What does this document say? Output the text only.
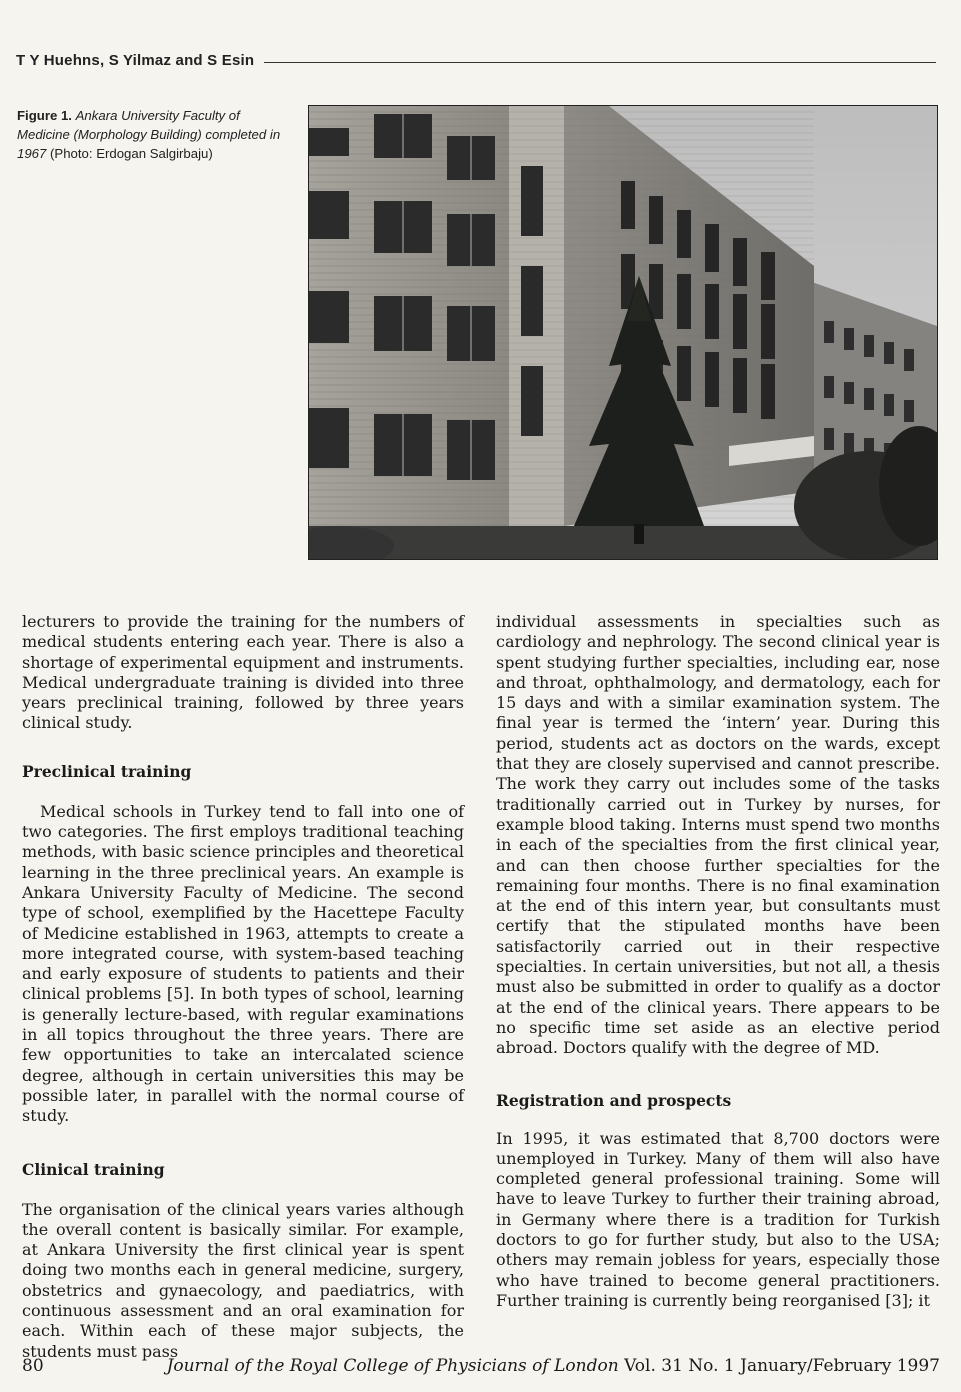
T Y Huehns, S Yilmaz and S Esin
Figure 1. Ankara University Faculty of Medicine (Morphology Building) completed in 1967 (Photo: Erdogan Salgirbaju)

lecturers to provide the training for the numbers of medical students entering each year. There is also a shortage of experimental equipment and instruments. Medical undergraduate training is divided into three years preclinical training, followed by three years clinical study.

Preclinical training

Medical schools in Turkey tend to fall into one of two categories. The first employs traditional teaching methods, with basic science principles and theoretical learning in the three preclinical years. An example is Ankara University Faculty of Medicine. The second type of school, exemplified by the Hacettepe Faculty of Medicine established in 1963, attempts to create a more integrated course, with system-based teaching and early exposure of students to patients and their clinical problems [5]. In both types of school, learning is generally lecture-based, with regular examinations in all topics throughout the three years. There are few opportunities to take an intercalated science degree, although in certain universities this may be possible later, in parallel with the normal course of study.

Clinical training

The organisation of the clinical years varies although the overall content is basically similar. For example, at Ankara University the first clinical year is spent doing two months each in general medicine, surgery, obstetrics and gynaecology, and paediatrics, with continuous assessment and an oral examination for each. Within each of these major subjects, the students must pass

individual assessments in specialties such as cardiology and nephrology. The second clinical year is spent studying further specialties, including ear, nose and throat, ophthalmology, and dermatology, each for 15 days and with a similar examination system. The final year is termed the ‘intern’ year. During this period, students act as doctors on the wards, except that they are closely supervised and cannot prescribe. The work they carry out includes some of the tasks traditionally carried out in Turkey by nurses, for example blood taking. Interns must spend two months in each of the specialties from the first clinical year, and can then choose further specialties for the remaining four months. There is no final examination at the end of this intern year, but consultants must certify that the stipulated months have been satisfactorily carried out in their respective specialties. In certain universities, but not all, a thesis must also be submitted in order to qualify as a doctor at the end of the clinical years. There appears to be no specific time set aside as an elective period abroad. Doctors qualify with the degree of MD.

Registration and prospects

In 1995, it was estimated that 8,700 doctors were unemployed in Turkey. Many of them will also have completed general professional training. Some will have to leave Turkey to further their training abroad, in Germany where there is a tradition for Turkish doctors to go for further study, but also to the USA; others may remain jobless for years, especially those who have trained to become general practitioners. Further training is currently being reorganised [3]; it

80	Journal of the Royal College of Physicians of London Vol. 31 No. 1 January/February 1997
